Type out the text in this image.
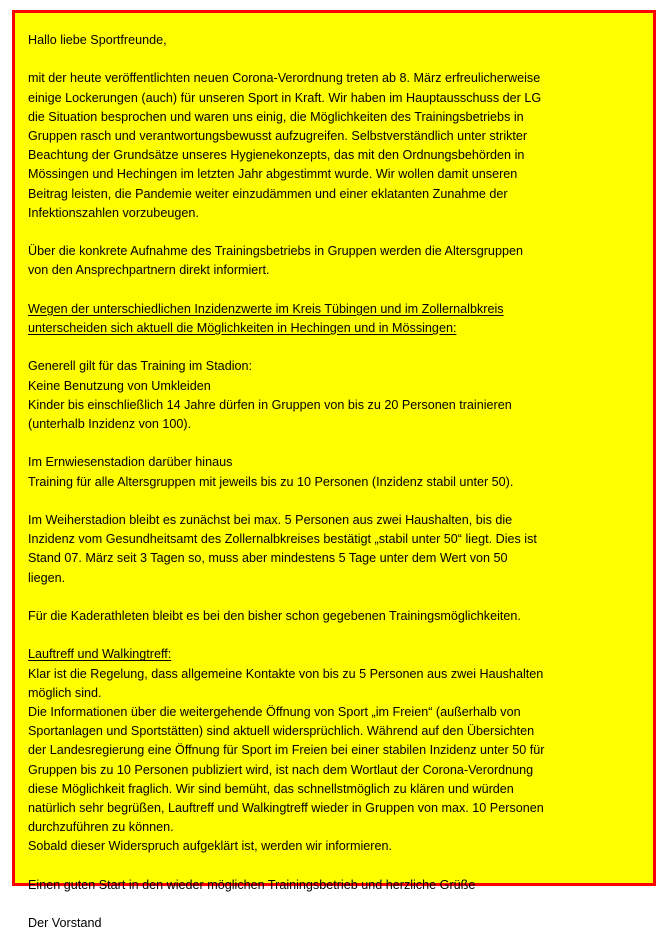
Hallo liebe Sportfreunde,

mit der heute veröffentlichten neuen Corona-Verordnung treten ab 8. März erfreulicherweise
einige Lockerungen (auch) für unseren Sport in Kraft. Wir haben im Hauptausschuss der LG
die Situation besprochen und waren uns einig, die Möglichkeiten des Trainingsbetriebs in
Gruppen rasch und verantwortungsbewusst aufzugreifen. Selbstverständlich unter strikter
Beachtung der Grundsätze unseres Hygienekonzepts, das mit den Ordnungsbehörden in
Mössingen und Hechingen im letzten Jahr abgestimmt wurde. Wir wollen damit unseren
Beitrag leisten, die Pandemie weiter einzudämmen und einer eklatanten Zunahme der
Infektionszahlen vorzubeugen.

Über die konkrete Aufnahme des Trainingsbetriebs in Gruppen werden die Altersgruppen
von den Ansprechpartnern direkt informiert.

Wegen der unterschiedlichen Inzidenzwerte im Kreis Tübingen und im Zollernalbkreis
unterscheiden sich aktuell die Möglichkeiten in Hechingen und in Mössingen:

Generell gilt für das Training im Stadion:
Keine Benutzung von Umkleiden
Kinder bis einschließlich 14 Jahre dürfen in Gruppen von bis zu 20 Personen trainieren
(unterhalb Inzidenz von 100).

Im Ernwiesenstadion darüber hinaus
Training für alle Altersgruppen mit jeweils bis zu 10 Personen (Inzidenz stabil unter 50).

Im Weiherstadion bleibt es zunächst bei max. 5 Personen aus zwei Haushalten, bis die
Inzidenz vom Gesundheitsamt des Zollernalbkreises bestätigt „stabil unter 50“ liegt. Dies ist
Stand 07. März seit 3 Tagen so, muss aber mindestens 5 Tage unter dem Wert von 50
liegen.

Für die Kaderathleten bleibt es bei den bisher schon gegebenen Trainingsmöglichkeiten.

Lauftreff und Walkingtreff:

Klar ist die Regelung, dass allgemeine Kontakte von bis zu 5 Personen aus zwei Haushalten
möglich sind.
Die Informationen über die weitergehende Öffnung von Sport „im Freien“ (außerhalb von
Sportanlagen und Sportstätten) sind aktuell widersprüchlich. Während auf den Übersichten
der Landesregierung eine Öffnung für Sport im Freien bei einer stabilen Inzidenz unter 50 für
Gruppen bis zu 10 Personen publiziert wird, ist nach dem Wortlaut der Corona-Verordnung
diese Möglichkeit fraglich. Wir sind bemüht, das schnellstmöglich zu klären und würden
natürlich sehr begrüßen, Lauftreff und Walkingtreff wieder in Gruppen von max. 10 Personen
durchzuführen zu können.
Sobald dieser Widerspruch aufgeklärt ist, werden wir informieren.

Einen guten Start in den wieder möglichen Trainingsbetrieb und herzliche Grüße

Der Vorstand
